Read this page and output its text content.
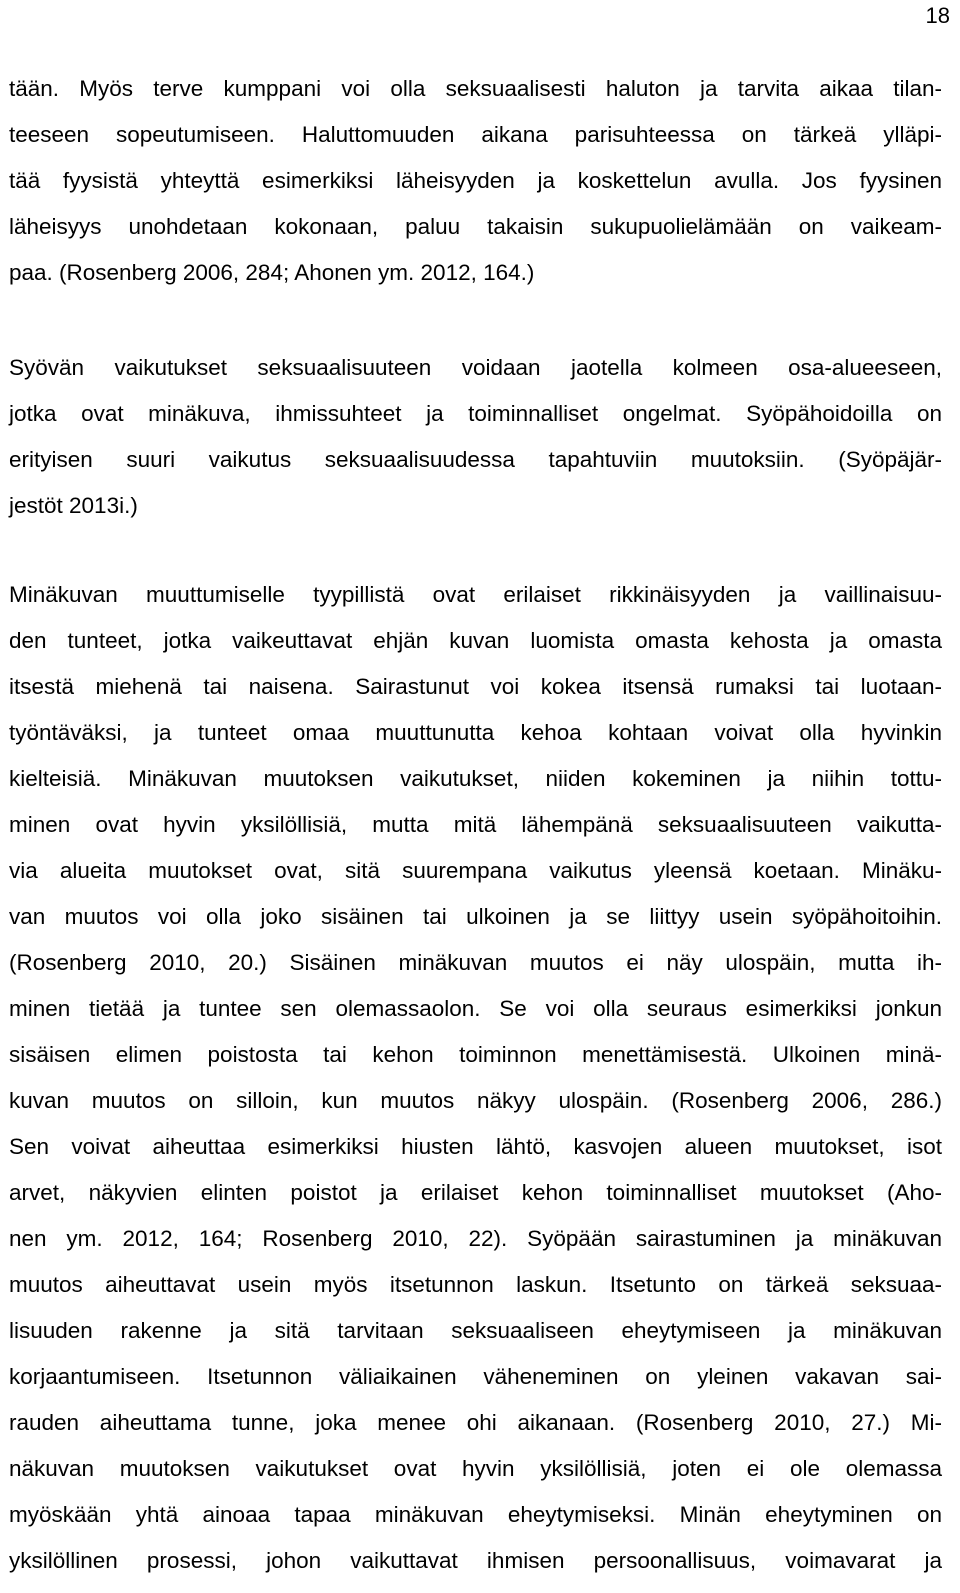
18
tään. Myös terve kumppani voi olla seksuaalisesti haluton ja tarvita aikaa tilan-
teeseen sopeutumiseen. Haluttomuuden aikana parisuhteessa on tärkeä ylläpi-
tää fyysistä yhteyttä esimerkiksi läheisyyden ja koskettelun avulla. Jos fyysinen
läheisyys unohdetaan kokonaan, paluu takaisin sukupuolielämään on vaikeam-
paa. (Rosenberg 2006, 284; Ahonen ym. 2012, 164.)
Syövän vaikutukset seksuaalisuuteen voidaan jaotella kolmeen osa-alueeseen,
jotka ovat minäkuva, ihmissuhteet ja toiminnalliset ongelmat. Syöpähoidoilla on
erityisen suuri vaikutus seksuaalisuudessa tapahtuviin muutoksiin. (Syöpäjär-
jestöt 2013i.)
Minäkuvan muuttumiselle tyypillistä ovat erilaiset rikkinäisyyden ja vaillinaisuu-
den tunteet, jotka vaikeuttavat ehjän kuvan luomista omasta kehosta ja omasta
itsestä miehenä tai naisena. Sairastunut voi kokea itsensä rumaksi tai luotaan-
työntäväksi, ja tunteet omaa muuttunutta kehoa kohtaan voivat olla hyvinkin
kielteisiä. Minäkuvan muutoksen vaikutukset, niiden kokeminen ja niihin tottu-
minen ovat hyvin yksilöllisiä, mutta mitä lähempänä seksuaalisuuteen vaikutta-
via alueita muutokset ovat, sitä suurempana vaikutus yleensä koetaan. Minäku-
van muutos voi olla joko sisäinen tai ulkoinen ja se liittyy usein syöpähoitoihin.
(Rosenberg 2010, 20.) Sisäinen minäkuvan muutos ei näy ulospäin, mutta ih-
minen tietää ja tuntee sen olemassaolon. Se voi olla seuraus esimerkiksi jonkun
sisäisen elimen poistosta tai kehon toiminnon menettämisestä. Ulkoinen minä-
kuvan muutos on silloin, kun muutos näkyy ulospäin. (Rosenberg 2006, 286.)
Sen voivat aiheuttaa esimerkiksi hiusten lähtö, kasvojen alueen muutokset, isot
arvet, näkyvien elinten poistot ja erilaiset kehon toiminnalliset muutokset (Aho-
nen ym. 2012, 164; Rosenberg 2010, 22). Syöpään sairastuminen ja minäkuvan
muutos aiheuttavat usein myös itsetunnon laskun. Itsetunto on tärkeä seksuaa-
lisuuden rakenne ja sitä tarvitaan seksuaaliseen eheytymiseen ja minäkuvan
korjaantumiseen. Itsetunnon väliaikainen väheneminen on yleinen vakavan sai-
rauden aiheuttama tunne, joka menee ohi aikanaan. (Rosenberg 2010, 27.) Mi-
näkuvan muutoksen vaikutukset ovat hyvin yksilöllisiä, joten ei ole olemassa
myöskään yhtä ainoaa tapaa minäkuvan eheytymiseksi. Minän eheytyminen on
yksilöllinen prosessi, johon vaikuttavat ihmisen persoonallisuus, voimavarat ja
